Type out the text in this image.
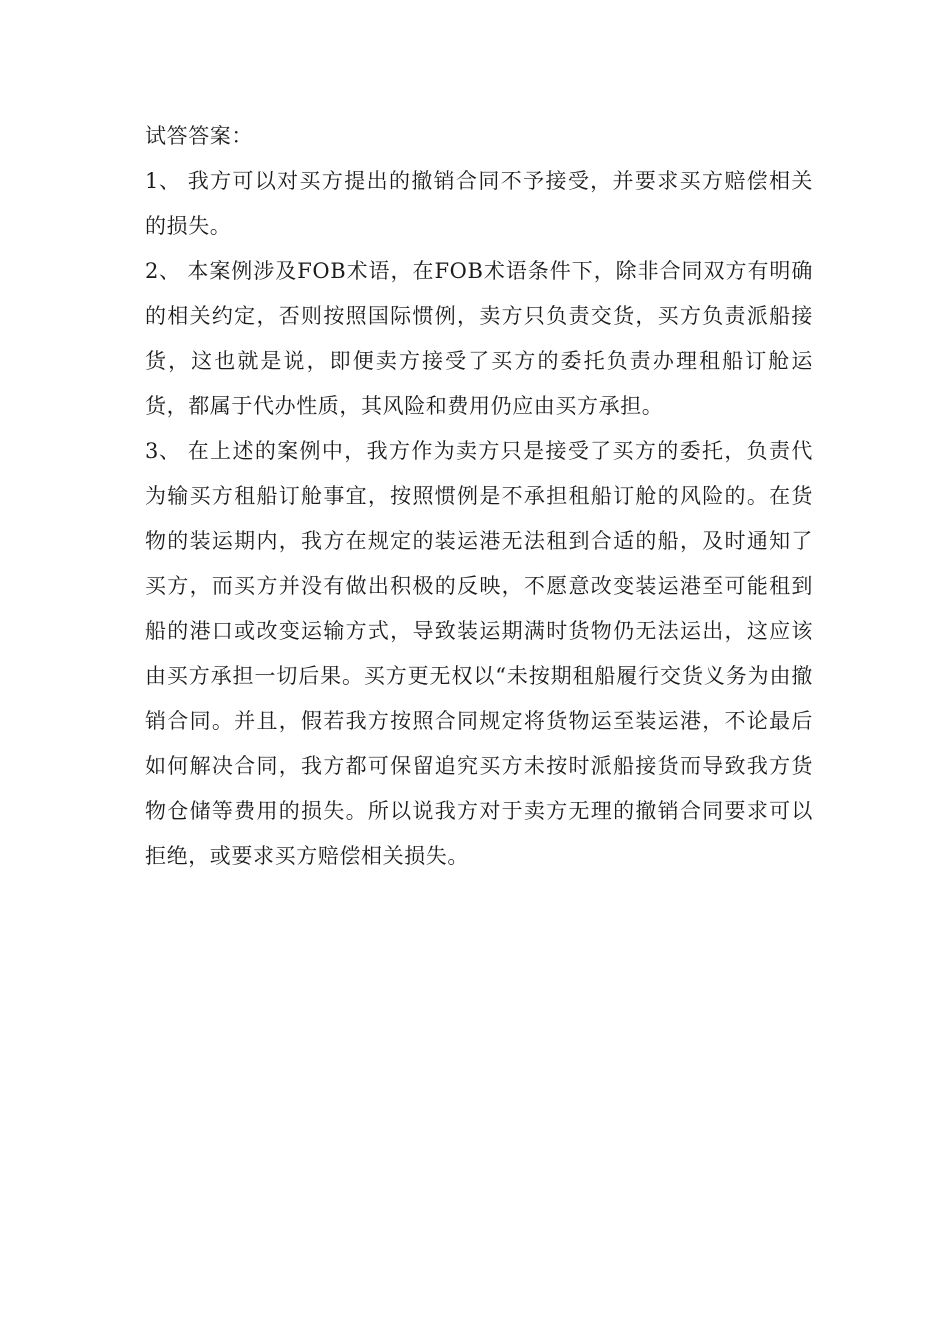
试答答案：

1、 我方可以对买方提出的撤销合同不予接受，并要求买方赔偿相关的损失。

2、 本案例涉及FOB术语，在FOB术语条件下，除非合同双方有明确的相关约定，否则按照国际惯例，卖方只负责交货，买方负责派船接货，这也就是说，即便卖方接受了买方的委托负责办理租船订舱运货，都属于代办性质，其风险和费用仍应由买方承担。

3、 在上述的案例中，我方作为卖方只是接受了买方的委托，负责代为输买方租船订舱事宜，按照惯例是不承担租船订舱的风险的。在货物的装运期内，我方在规定的装运港无法租到合适的船，及时通知了买方，而买方并没有做出积极的反映，不愿意改变装运港至可能租到船的港口或改变运输方式，导致装运期满时货物仍无法运出，这应该由买方承担一切后果。买方更无权以“未按期租船履行交货义务为由撤销合同。并且，假若我方按照合同规定将货物运至装运港，不论最后如何解决合同，我方都可保留追究买方未按时派船接货而导致我方货物仓储等费用的损失。所以说我方对于卖方无理的撤销合同要求可以拒绝，或要求买方赔偿相关损失。
